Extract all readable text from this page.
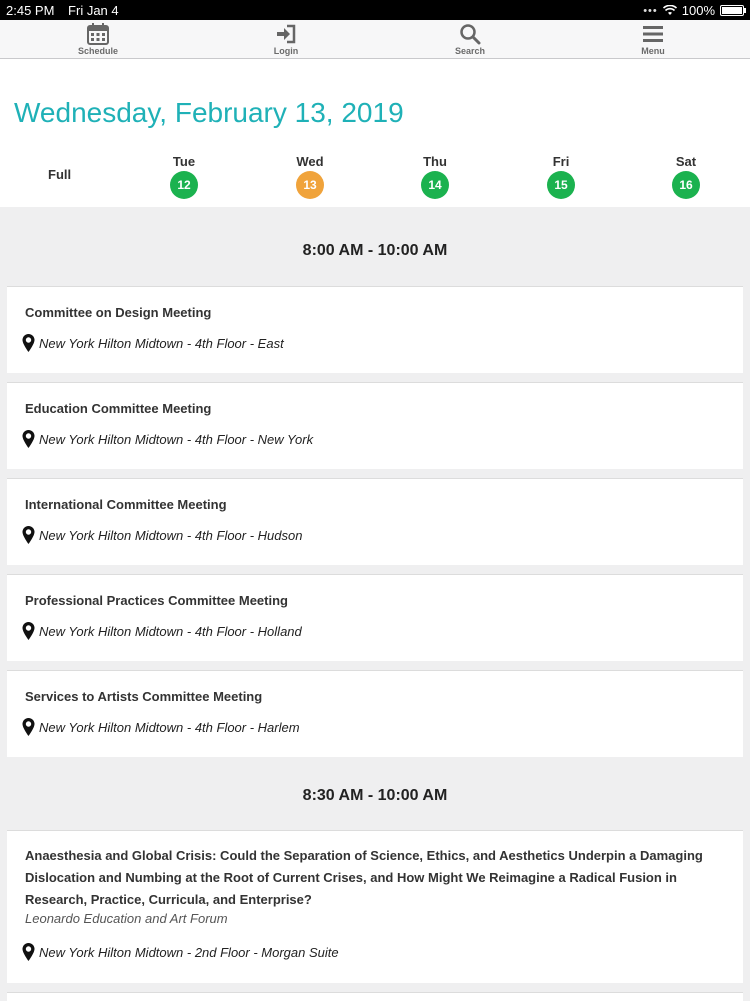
2:45 PM Fri Jan 4	••• 100%
Schedule	Login	Search	Menu
Wednesday, February 13, 2019
Full
Tue
12
Wed
13
Thu
14
Fri
15
Sat
16
8:00 AM - 10:00 AM
Committee on Design Meeting
New York Hilton Midtown - 4th Floor - East
Education Committee Meeting
New York Hilton Midtown - 4th Floor - New York
International Committee Meeting
New York Hilton Midtown - 4th Floor - Hudson
Professional Practices Committee Meeting
New York Hilton Midtown - 4th Floor - Holland
Services to Artists Committee Meeting
New York Hilton Midtown - 4th Floor - Harlem
8:30 AM - 10:00 AM
Anaesthesia and Global Crisis: Could the Separation of Science, Ethics, and Aesthetics Underpin a Damaging Dislocation and Numbing at the Root of Current Crises, and How Might We Reimagine a Radical Fusion in Research, Practice, Curricula, and Enterprise?
Leonardo Education and Art Forum
New York Hilton Midtown - 2nd Floor - Morgan Suite
